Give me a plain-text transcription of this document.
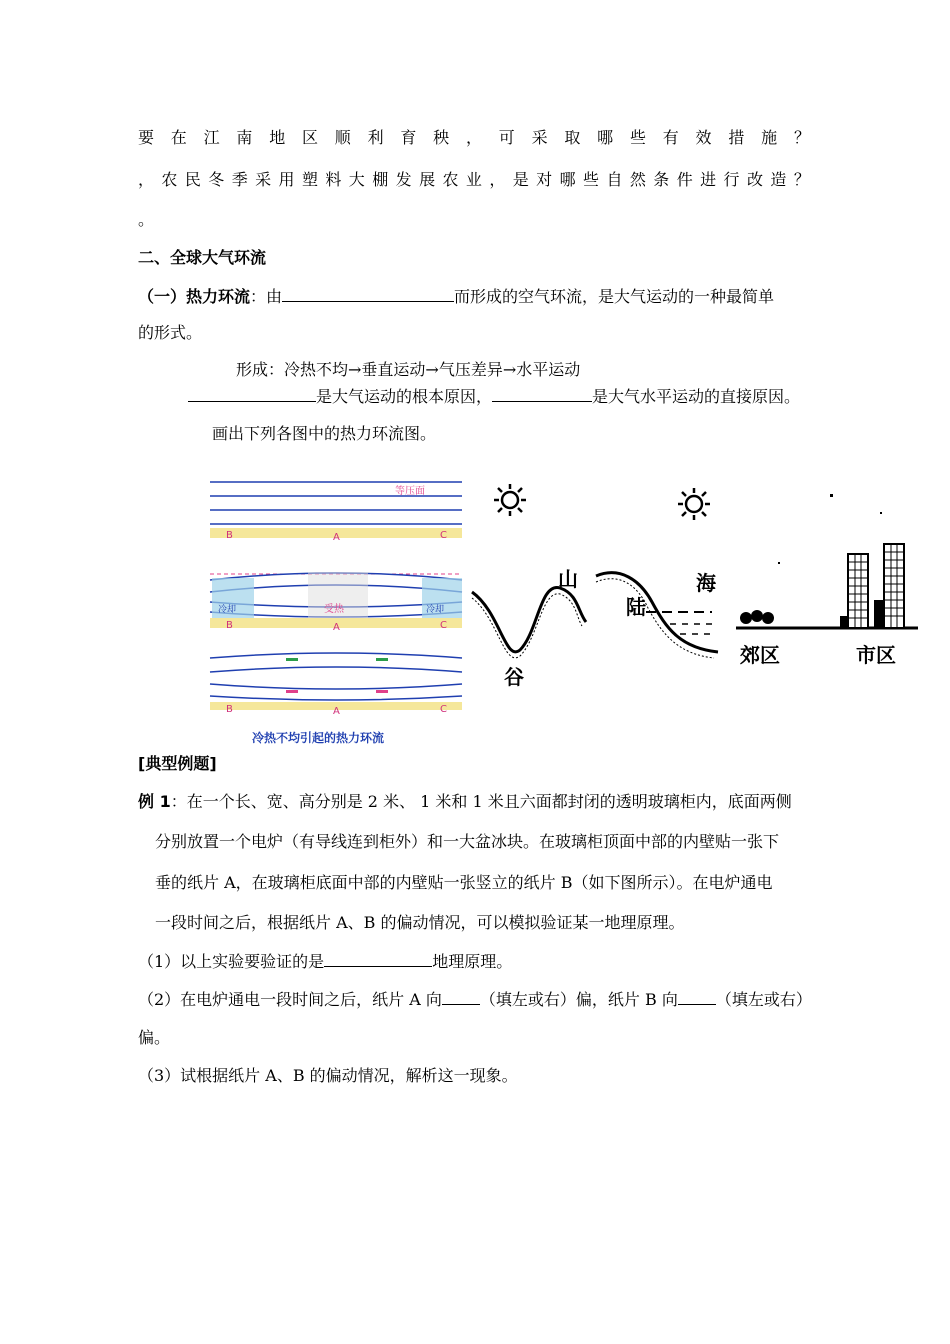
要 在 江 南 地 区 顺 利 育 秧 ， 可 采 取 哪 些 有 效 措 施 ？
， 农 民 冬 季 采 用 塑 料 大 棚 发 展 农 业 ， 是 对 哪 些 自 然 条 件 进 行 改 造 ？
。
二、全球大气环流
（一）热力环流：由	而形成的空气环流，是大气运动的一种最简单
的形式。
形成：冷热不均→垂直运动→气压差异→水平运动
是大气运动的根本原因，	是大气水平运动的直接原因。
画出下列各图中的热力环流图。
等压面
B	A	C
冷却	冷却
受热
B	A	C
B	A	C
冷热不均引起的热力环流
山
谷
陆
海
郊区	市区
[典型例题]
例 1：在一个长、宽、高分别是 2 米、 1 米和 1 米且六面都封闭的透明玻璃柜内，底面两侧
分别放置一个电炉（有导线连到柜外）和一大盆冰块。在玻璃柜顶面中部的内壁贴一张下
垂的纸片 A，在玻璃柜底面中部的内壁贴一张竖立的纸片 B（如下图所示）。在电炉通电
一段时间之后，根据纸片 A、B 的偏动情况，可以模拟验证某一地理原理。
（1）以上实验要验证的是	地理原理。
（2）在电炉通电一段时间之后，纸片 A 向 （填左或右）偏，纸片 B 向 （填左或右）
偏。
（3）试根据纸片 A、B 的偏动情况，解析这一现象。
